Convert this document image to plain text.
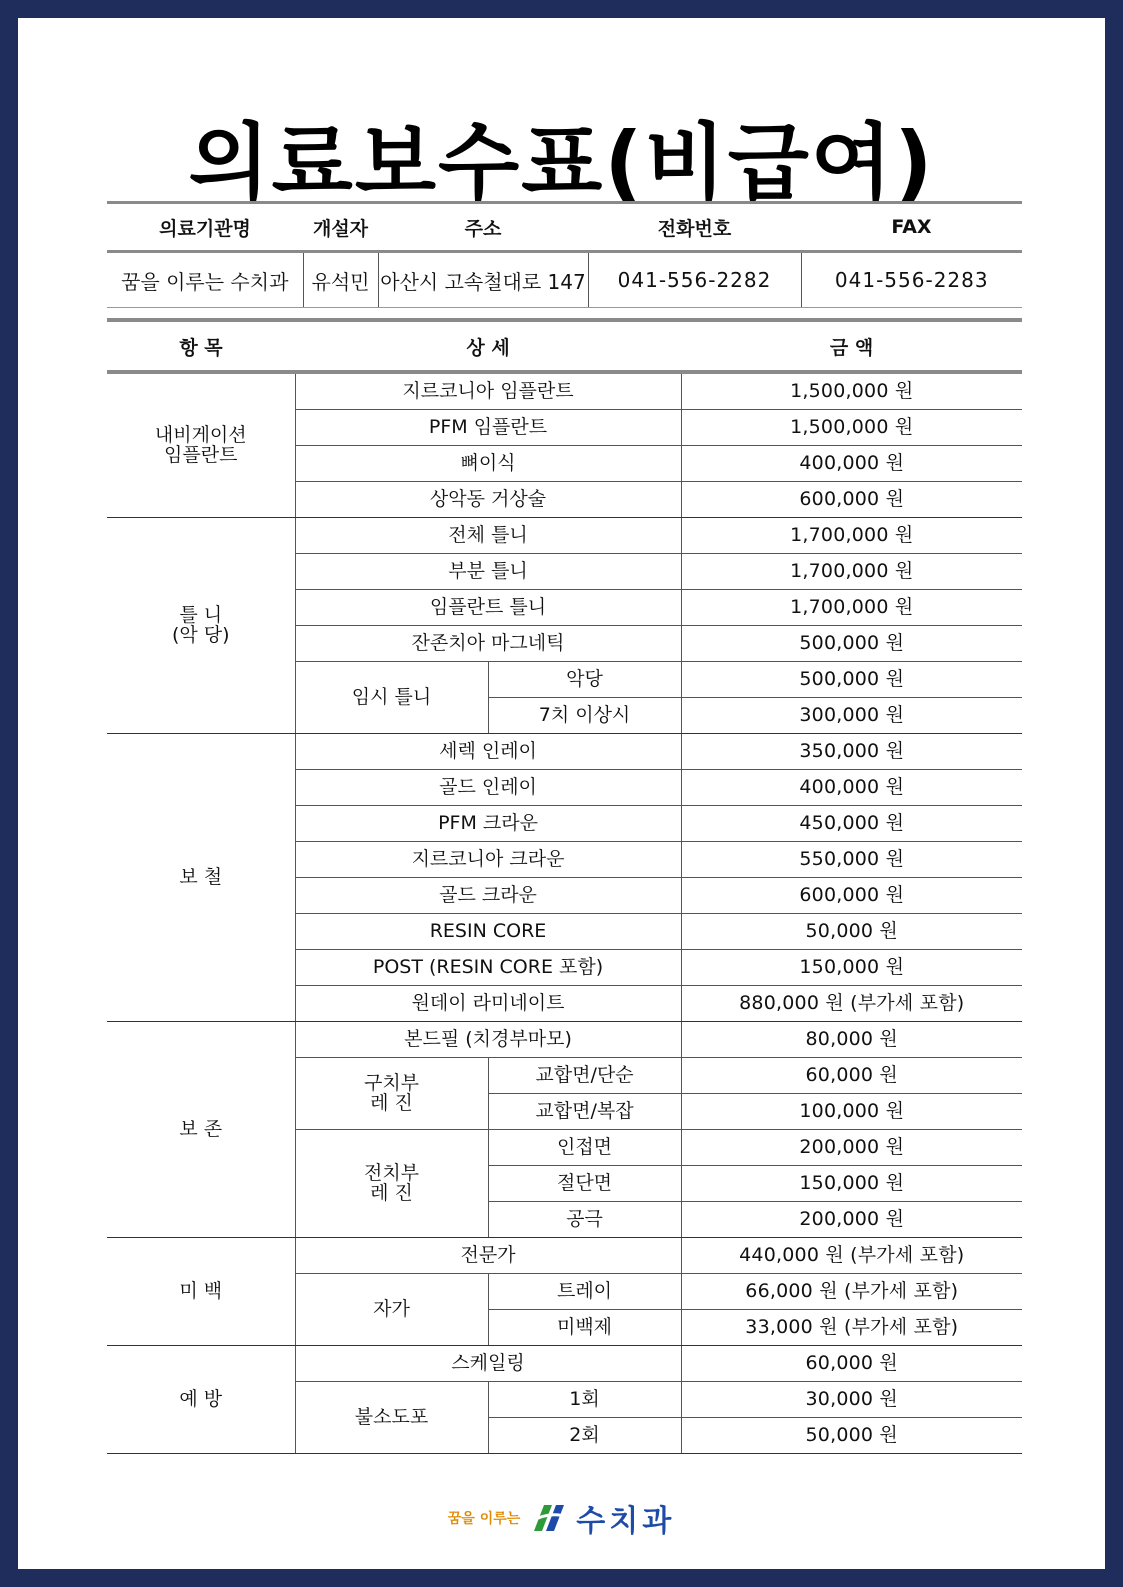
의료보수표(비급여)
의료기관명	개설자	주소	전화번호	FAX
꿈을 이루는 수치과	유석민	아산시 고속철대로 147	041-556-2282	041-556-2283
항 목	상 세		금 액
내비게이션
임플란트	지르코니아 임플란트		1,500,000 원
	PFM 임플란트		1,500,000 원
	뼈이식		400,000 원
	상악동 거상술		600,000 원
틀 니
(악 당)	전체 틀니		1,700,000 원
	부분 틀니		1,700,000 원
	임플란트 틀니		1,700,000 원
	잔존치아 마그네틱		500,000 원
	임시 틀니	악당	500,000 원
		7치 이상시	300,000 원
보 철	세렉 인레이		350,000 원
	골드 인레이		400,000 원
	PFM 크라운		450,000 원
	지르코니아 크라운		550,000 원
	골드 크라운		600,000 원
	RESIN CORE		50,000 원
	POST (RESIN CORE 포함)		150,000 원
	원데이 라미네이트		880,000 원 (부가세 포함)
보 존	본드필 (치경부마모)		80,000 원
	구치부
레 진	교합면/단순	60,000 원
		교합면/복잡	100,000 원
	전치부
레 진	인접면	200,000 원
		절단면	150,000 원
		공극	200,000 원
미 백	전문가		440,000 원 (부가세 포함)
	자가	트레이	66,000 원 (부가세 포함)
		미백제	33,000 원 (부가세 포함)
예 방	스케일링		60,000 원
	불소도포	1회	30,000 원
		2회	50,000 원
꿈을 이루는 수치과
